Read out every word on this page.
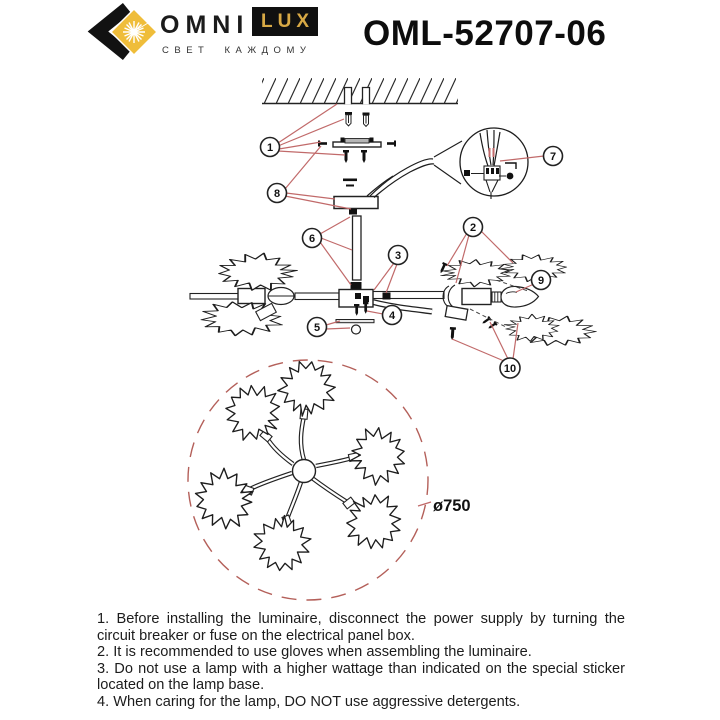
ø750
1
8
7
6
2
3
9
4
5
10
OMNI LUX
СВЕТ КАЖДОМУ OML-52707-06

1. Before installing the luminaire, disconnect the power supply by turning the circuit breaker or fuse on the electrical panel box.

2. It is recommended to use gloves when assembling the luminaire.

3. Do not use a lamp with a higher wattage than indicated on the special sticker located on the lamp base.

4. When caring for the lamp, DO NOT use aggressive detergents.
